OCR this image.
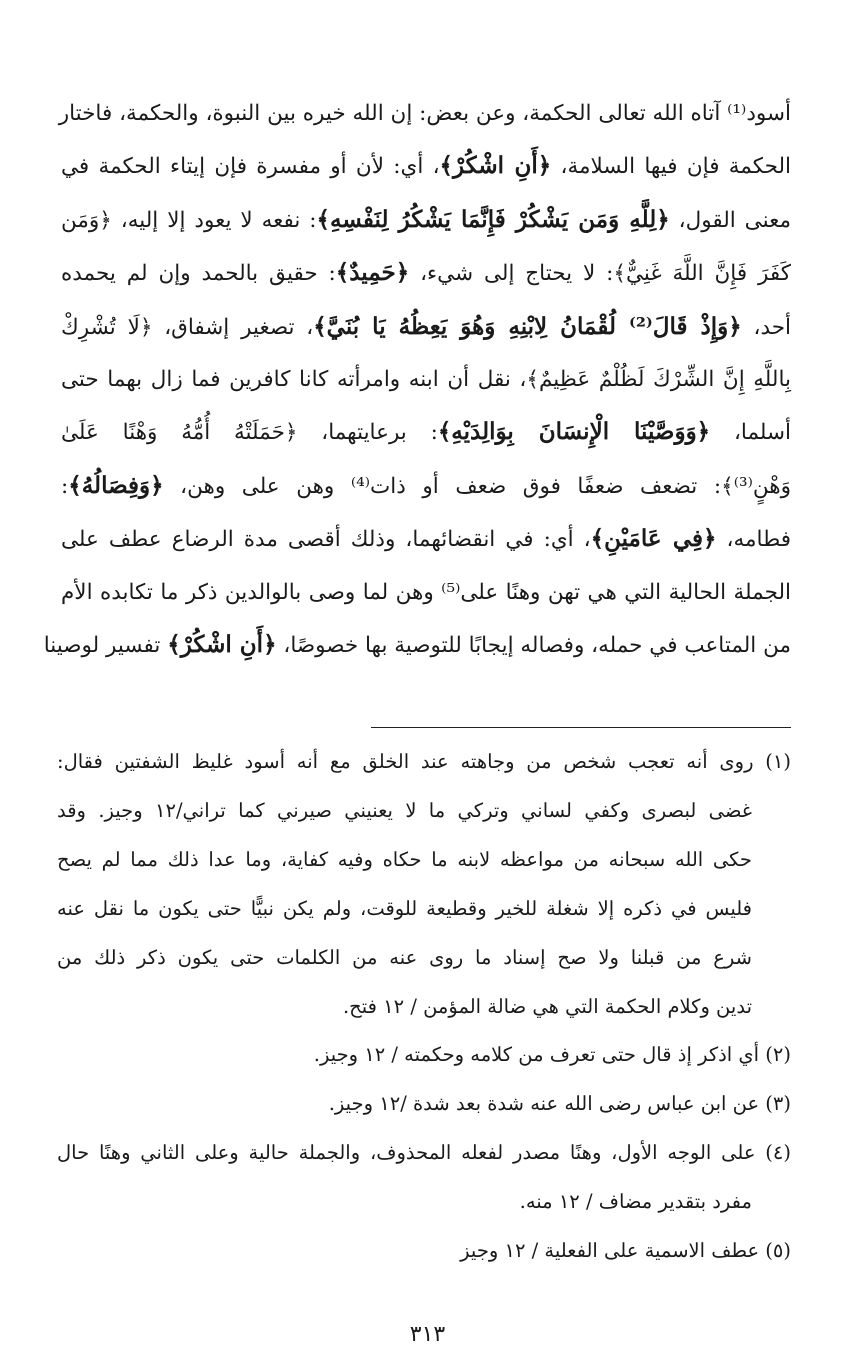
أسود⁽¹⁾ آتاه الله تعالى الحكمة، وعن بعض: إن الله خيره بين النبوة، والحكمة، فاختار
الحكمة فإن فيها السلامة، ﴿أَنِ اشْكُرْ﴾، أي: لأن أو مفسرة فإن إيتاء الحكمة في
معنى القول، ﴿لِلَّهِ وَمَن يَشْكُرْ فَإِنَّمَا يَشْكُرُ لِنَفْسِهِ﴾: نفعه لا يعود إلا إليه، ﴿وَمَن
كَفَرَ فَإِنَّ اللَّهَ غَنِيٌّ﴾: لا يحتاج إلى شيء، ﴿حَمِيدٌ﴾: حقيق بالحمد وإن لم يحمده
أحد، ﴿وَإِذْ قَالَ⁽²⁾ لُقْمَانُ لِابْنِهِ وَهُوَ يَعِظُهُ يَا بُنَيَّ﴾، تصغير إشفاق، ﴿لَا تُشْرِكْ
بِاللَّهِ إِنَّ الشِّرْكَ لَظُلْمٌ عَظِيمٌ﴾، نقل أن ابنه وامرأته كانا كافرين فما زال بهما حتى
أسلما، ﴿وَوَصَّيْنَا الْإِنسَانَ بِوَالِدَيْهِ﴾: برعايتهما، ﴿حَمَلَتْهُ أُمُّهُ وَهْنًا عَلَىٰ
وَهْنٍ⁽³⁾﴾: تضعف ضعفًا فوق ضعف أو ذات⁽⁴⁾ وهن على وهن، ﴿وَفِصَالُهُ﴾:
فطامه، ﴿فِي عَامَيْنِ﴾، أي: في انقضائهما، وذلك أقصى مدة الرضاع عطف على
الجملة الحالية التي هي تهن وهنًا على⁽⁵⁾ وهن لما وصى بالوالدين ذكر ما تكابده الأم
من المتاعب في حمله، وفصاله إيجابًا للتوصية بها خصوصًا، ﴿أَنِ اشْكُرْ﴾ تفسير لوصينا
(١) روى أنه تعجب شخص من وجاهته عند الخلق مع أنه أسود غليظ الشفتين فقال:
غضى لبصرى وكفي لساني وتركي ما لا يعنيني صيرني كما تراني/١٢ وجيز. وقد
حكى الله سبحانه من مواعظه لابنه ما حكاه وفيه كفاية، وما عدا ذلك مما لم يصح
فليس في ذكره إلا شغلة للخير وقطيعة للوقت، ولم يكن نبيًّا حتى يكون ما نقل عنه
شرع من قبلنا ولا صح إسناد ما روى عنه من الكلمات حتى يكون ذكر ذلك من
تدين وكلام الحكمة التي هي ضالة المؤمن / ١٢ فتح.
(٢) أي اذكر إذ قال حتى تعرف من كلامه وحكمته / ١٢ وجيز.
(٣) عن ابن عباس رضى الله عنه شدة بعد شدة /١٢ وجيز.
(٤) على الوجه الأول، وهنًا مصدر لفعله المحذوف، والجملة حالية وعلى الثاني وهنًا حال
مفرد بتقدير مضاف / ١٢ منه.
(٥) عطف الاسمية على الفعلية / ١٢ وجيز
٣١٣
